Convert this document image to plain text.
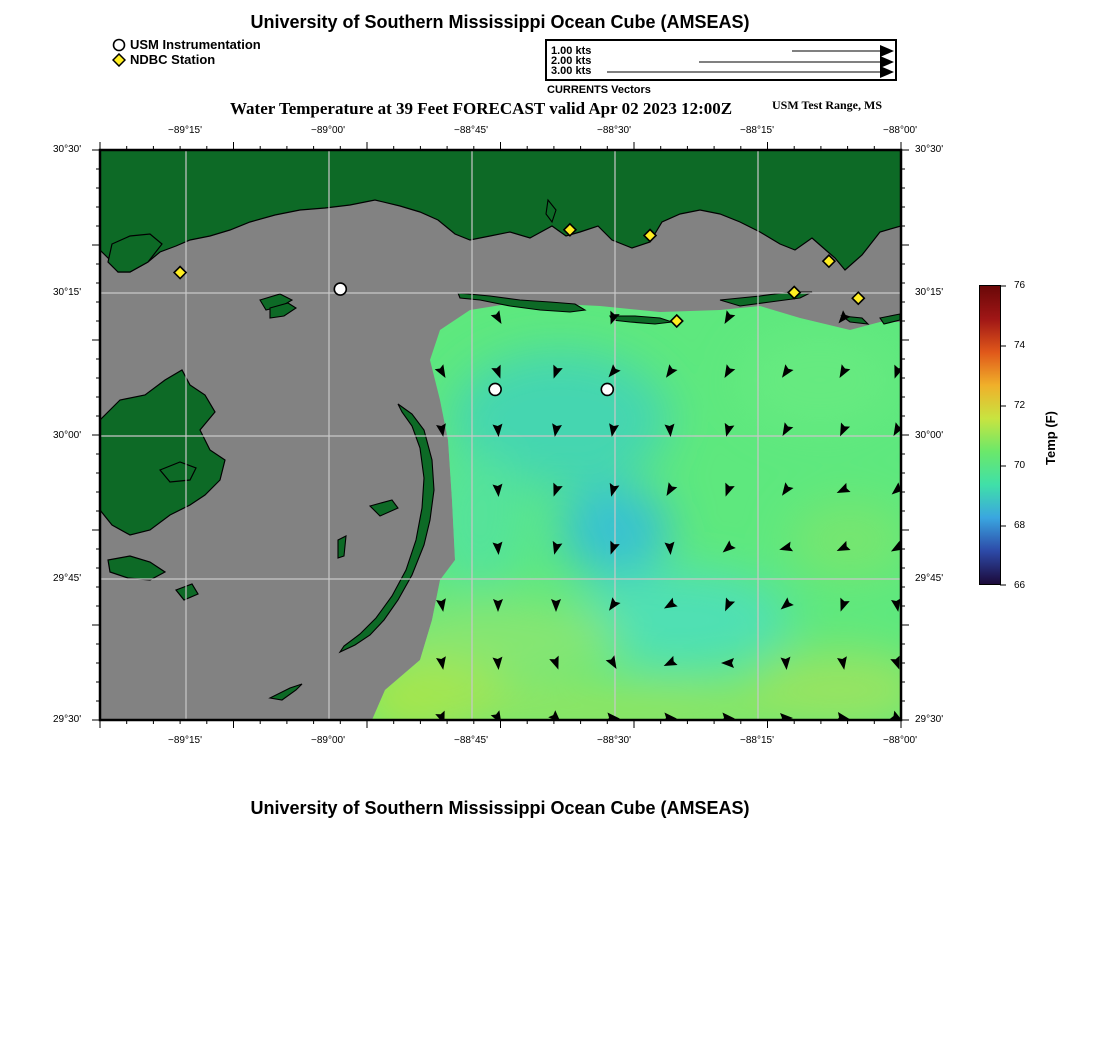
University of Southern Mississippi Ocean Cube (AMSEAS)
USM Instrumentation
NDBC Station
1.00 kts
2.00 kts
3.00 kts
CURRENTS Vectors
Water Temperature at 39 Feet FORECAST valid Apr 02 2023 12:00Z	USM Test Range, MS
−89°15'	−89°00'	−88°45'	−88°30'	−88°15'	−88°00'
−89°15'	−89°00'	−88°45'	−88°30'	−88°15'	−88°00'
30°30'
30°15'
30°00'
29°45'
29°30'
30°30'
30°15'
30°00'
29°45'
29°30'
76
74
72
70
68
66
Temp (F)
University of Southern Mississippi Ocean Cube (AMSEAS)
